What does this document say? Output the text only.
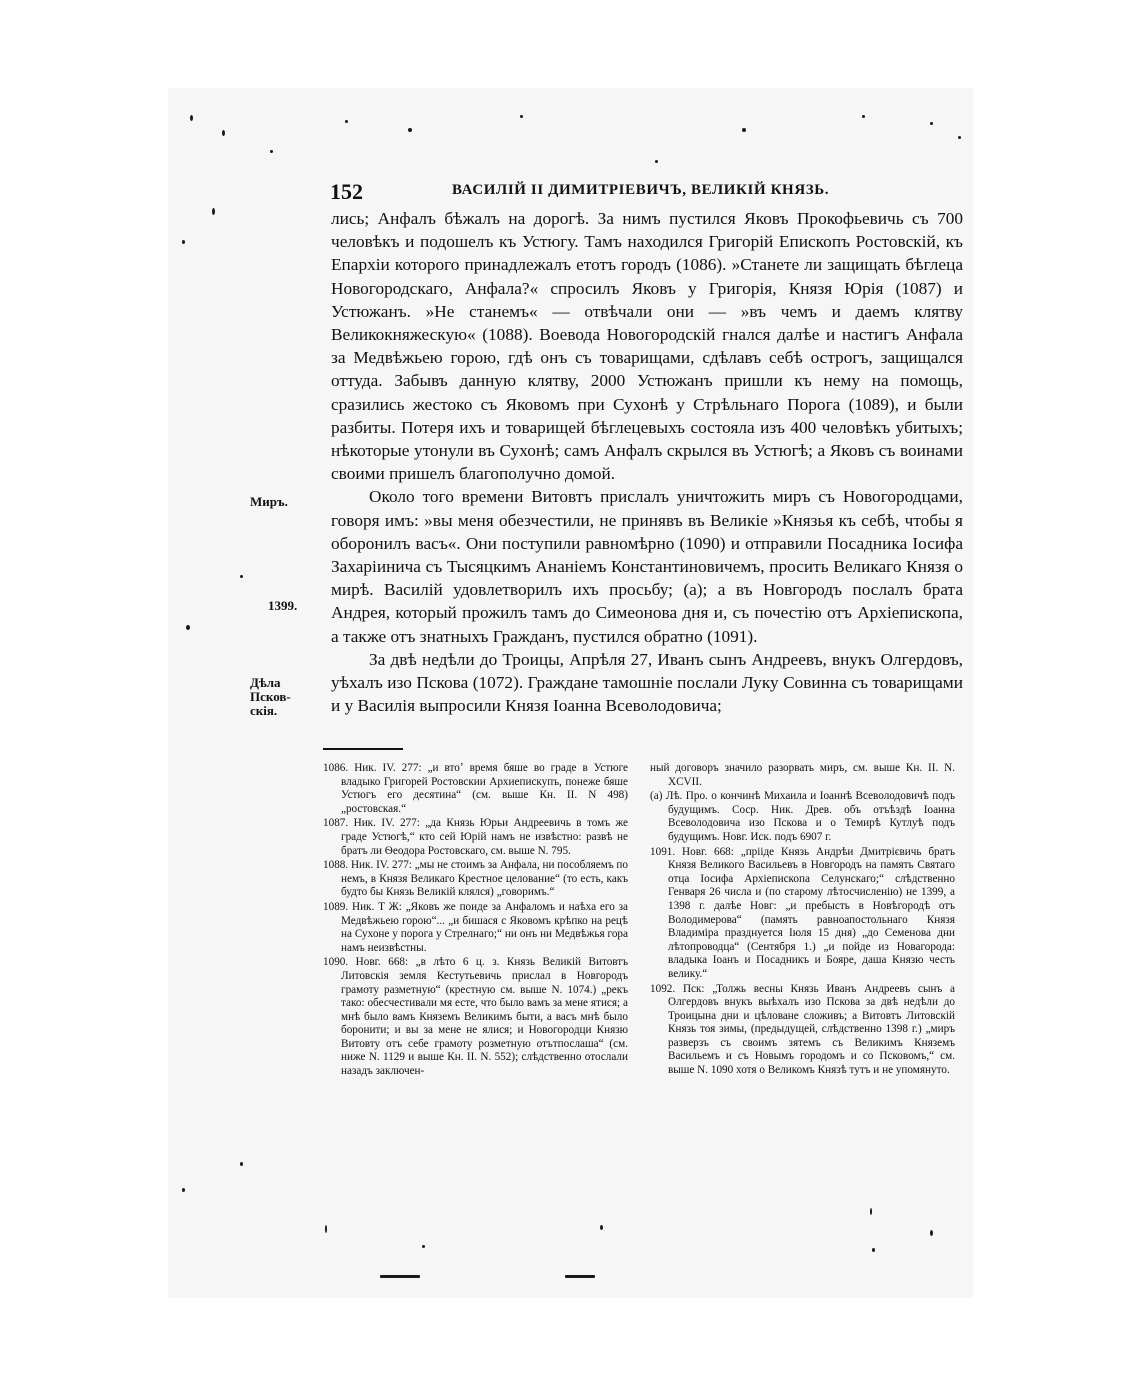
152	ВАСИЛІЙ II ДИМИТРІЕВИЧЪ, ВЕЛИКІЙ КНЯЗЬ.
Миръ.
1399.
Дѣла Псков-скія.

лись; Анфалъ бѣжалъ на дорогѣ. За нимъ пустился Яковъ Прокофьевичь съ 700 человѣкъ и подошелъ къ Устюгу. Тамъ находился Григорій Епископъ Ростовскій, къ Епархіи которого принадлежалъ етотъ городъ (1086). »Станете ли защищать бѣглеца Новогородскаго, Анфала?« спросилъ Яковъ у Григорія, Князя Юрія (1087) и Устюжанъ. »Не станемъ« — отвѣчали они — »въ чемъ и даемъ клятву Великокняжескую« (1088). Воевода Новогородскій гнался далѣе и настигъ Анфала за Медвѣжьею горою, гдѣ онъ съ товарищами, сдѣлавъ себѣ острогъ, защищался оттуда. Забывъ данную клятву, 2000 Устюжанъ пришли къ нему на помощь, сразились жестоко съ Яковомъ при Сухонѣ у Стрѣльнаго Порога (1089), и были разбиты. Потеря ихъ и товарищей бѣглецевыхъ состояла изъ 400 человѣкъ убитыхъ; нѣкоторые утонули въ Сухонѣ; самъ Анфалъ скрылся въ Устюгѣ; а Яковъ съ воинами своими пришелъ благополучно домой.

Около того времени Витовтъ прислалъ уничтожить миръ съ Новогородцами, говоря имъ: »вы меня обезчестили, не принявъ въ Великіе »Князья къ себѣ, чтобы я оборонилъ васъ«. Они поступили равномѣрно (1090) и отправили Посадника Іосифа Захаріинича съ Тысяцкимъ Ананіемъ Константиновичемъ, просить Великаго Князя о мирѣ. Василій удовлетворилъ ихъ просьбу; (а); а въ Новгородъ послалъ брата Андрея, который прожилъ тамъ до Симеонова дня и, съ почестію отъ Архіепископа, а также отъ знатныхъ Гражданъ, пустился обратно (1091).

За двѣ недѣли до Троицы, Апрѣля 27, Иванъ сынъ Андреевъ, внукъ Олгердовъ, уѣхалъ изо Пскова (1072). Граждане тамошніе послали Луку Совинна съ товарищами и у Василія выпросили Князя Іоанна Всеволодовича;

1086. Ник. IV. 277: „и втоʼ время бяше во граде в Устюге владыко Григорей Ростовскии Архиепискупъ, понеже бяше Устюгъ его десятина“ (см. выше Кн. II. N 498) „ростовская.“

1087. Ник. IV. 277: „да Князь Юрьи Андреевичь в томъ же граде Устюгѣ,“ кто сей Юрій намъ не извѣстно: развѣ не братъ ли Ѳеодора Ростовскаго, см. выше N. 795.

1088. Ник. IV. 277: „мы не стоимъ за Анфала, ни пособляемъ по немъ, в Князя Великаго Крестное целование“ (то есть, какъ будто бы Князь Великій клялся) „говоримъ.“

1089. Ник. Т Ж: „Яковъ же поиде за Анфаломъ и наѣха его за Медвѣжьею горою“... „и бишася с Яковомъ крѣпко на рецѣ на Сухоне у порога у Стрелнаго;“ ни онъ ни Медвѣжья гора намъ неизвѣстны.

1090. Новг. 668: „в лѣто 6 ц. з. Князь Великій Витовтъ Литовскія земля Кестутьевичь прислал в Новгородъ грамоту разметную“ (крестную см. выше N. 1074.) „рекъ тако: обесчестивали мя есте, что было вамъ за мене ятися; а мнѣ было вамъ Княземъ Великимъ быти, а васъ мнѣ было боронити; и вы за мене не ялися; и Новогородци Князю Витовту отъ себе грамоту розметную отътпослаша“ (см. ниже N. 1129 и выше Кн. II. N. 552); слѣдственно отослали назадъ заключен-

ный договоръ значило разорвать миръ, см. выше Кн. II. N. XCVII.

(а) Лѣ. Про. о кончинѣ Михаила и Іоаннѣ Всеволодовичѣ подъ будущимъ. Соср. Ник. Древ. объ отъѣздѣ Іоанна Всеволодовича изо Пскова и о Темирѣ Кутлуѣ подъ будущимъ. Новг. Иск. подъ 6907 г.

1091. Новг. 668: „прііде Князь Андрѣи Дмитрієвичь братъ Князя Великого Васильевъ в Новгородъ на память Святаго отца Іосифа Архіепископа Селунскаго;“ слѣдственно Генваря 26 числа и (по старому лѣтосчисленію) не 1399, а 1398 г. далѣе Новг: „и пребысть в Новѣгородѣ отъ Володимерова“ (память равноапостольнаго Князя Владиміра празднуется Іюля 15 дня) „до Семенова дни лѣтопроводца“ (Сентября 1.) „и пойде из Новагорода: владыка Іоанъ и Посадникъ и Бояре, даша Князю честь велику.“

1092. Пск: „Толжь весны Князь Иванъ Андреевъ сынъ а Олгердовъ внукъ выѣхалъ изо Пскова за двѣ недѣли до Троицына дни и цѣловане сложивъ; а Витовтъ Литовскій Князь тоя зимы, (предыдущей, слѣдственно 1398 г.) „миръ разверзъ съ своимъ зятемъ съ Великимъ Княземъ Васильемъ и съ Новымъ городомъ и со Псковомъ,“ см. выше N. 1090 хотя о Великомъ Князѣ тутъ и не упомянуто.
